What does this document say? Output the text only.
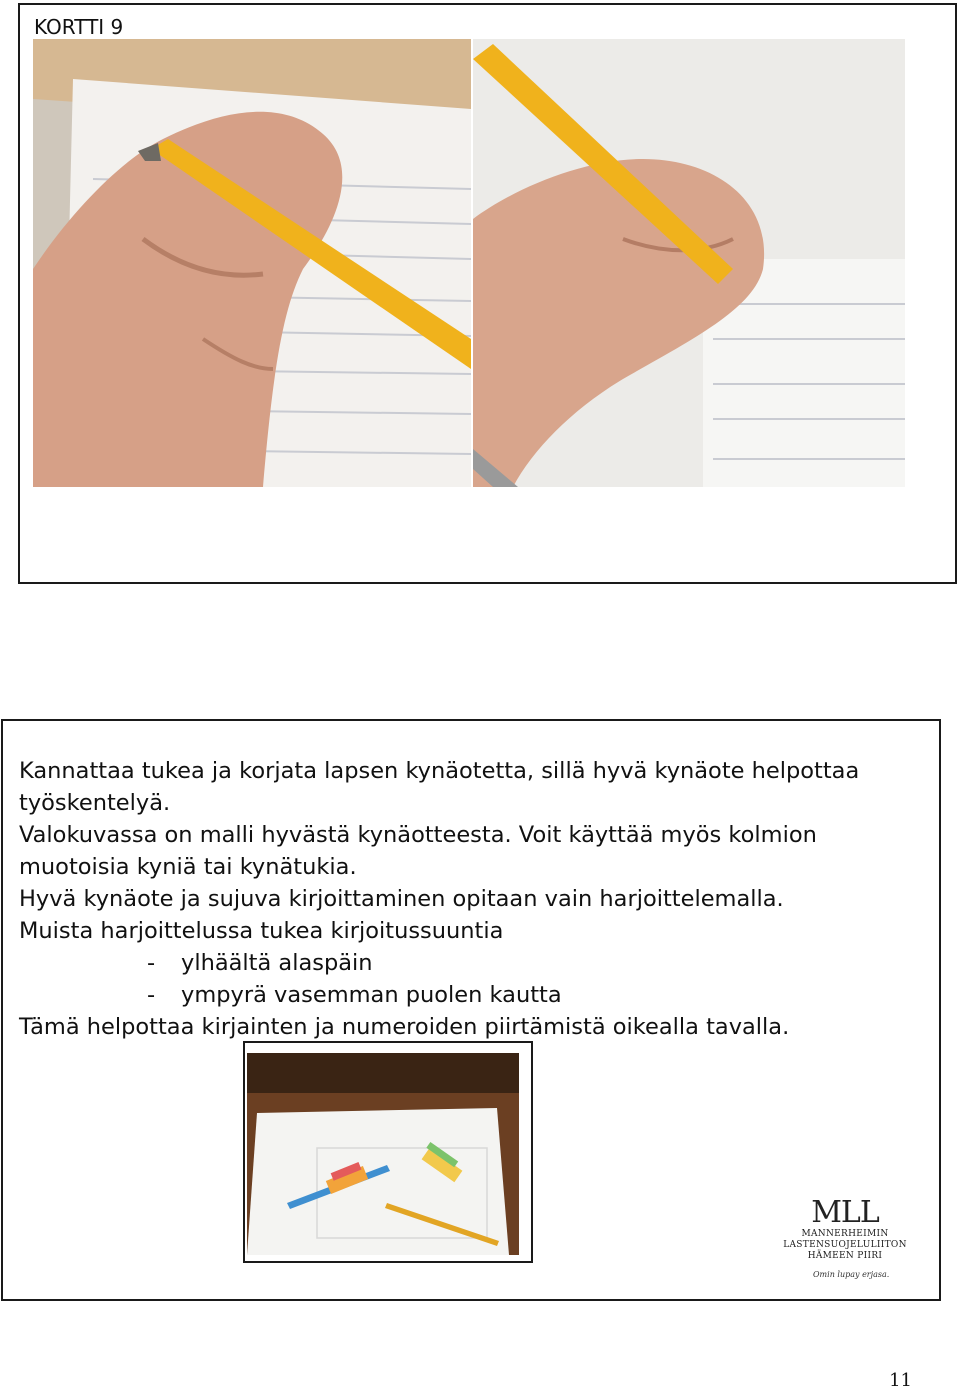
KORTTI 9

Kannattaa tukea ja korjata lapsen kynäotetta, sillä hyvä kynäote helpottaa työskentelyä.

Valokuvassa on malli hyvästä kynäotteesta. Voit käyttää myös kolmion muotoisia kyniä tai kynätukia.

Hyvä kynäote ja sujuva kirjoittaminen opitaan vain harjoittelemalla.

Muista harjoittelussa tukea kirjoitussuuntia

- ylhäältä alaspäin

- ympyrä vasemman puolen kautta

Tämä helpottaa kirjainten ja numeroiden piirtämistä oikealla tavalla.

MLL
MANNERHEIMIN LASTENSUOJELULIITON
HÄMEEN PIIRI
Omin lupay erjasa.
11
